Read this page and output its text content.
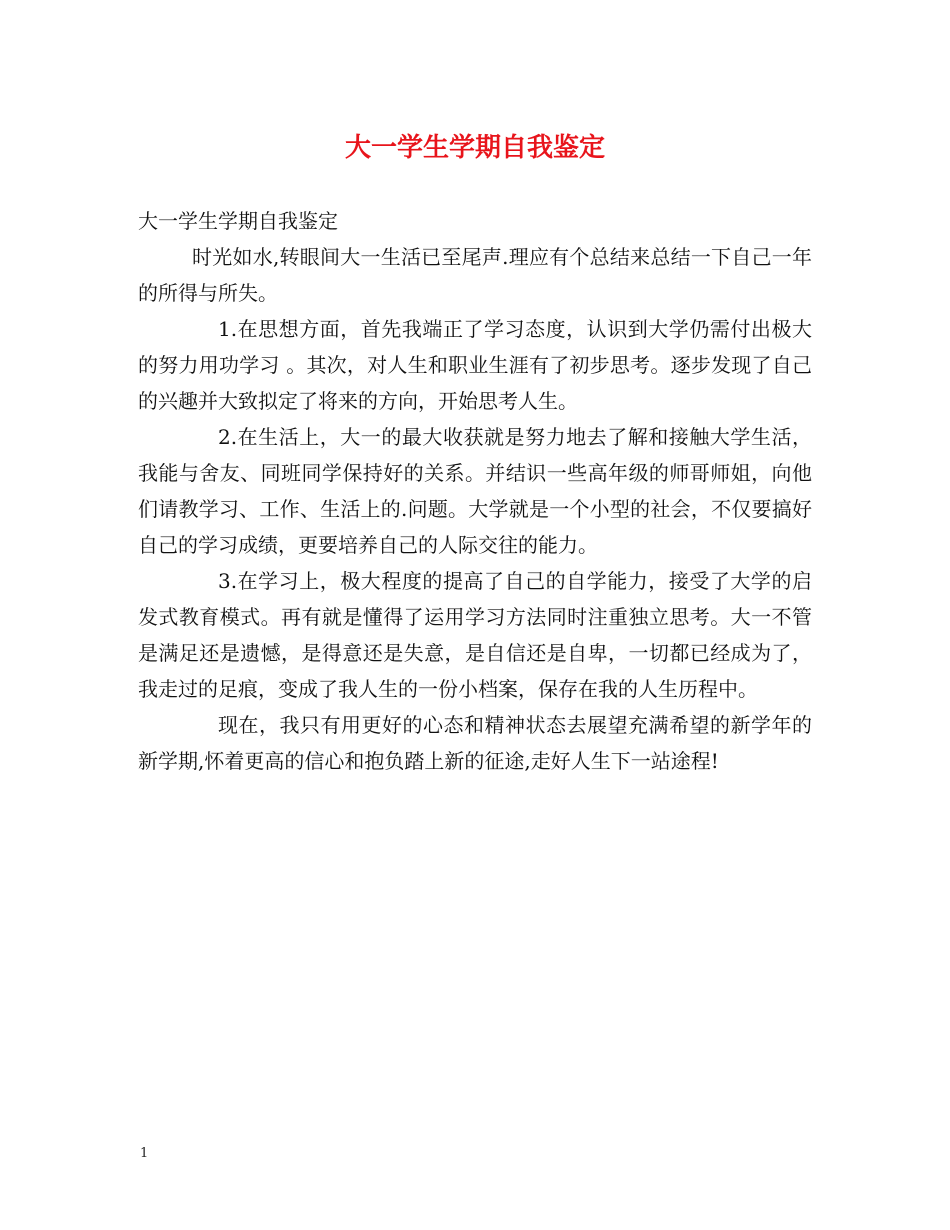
大一学生学期自我鉴定

大一学生学期自我鉴定

时光如水,转眼间大一生活已至尾声.理应有个总结来总结一下自己一年的所得与所失。

1.在思想方面，首先我端正了学习态度，认识到大学仍需付出极大的努力用功学习 。其次，对人生和职业生涯有了初步思考。逐步发现了自己的兴趣并大致拟定了将来的方向，开始思考人生。

2.在生活上，大一的最大收获就是努力地去了解和接触大学生活，我能与舍友、同班同学保持好的关系。并结识一些高年级的师哥师姐，向他们请教学习、工作、生活上的.问题。大学就是一个小型的社会，不仅要搞好自己的学习成绩，更要培养自己的人际交往的能力。

3.在学习上，极大程度的提高了自己的自学能力，接受了大学的启发式教育模式。再有就是懂得了运用学习方法同时注重独立思考。大一不管是满足还是遗憾，是得意还是失意，是自信还是自卑，一切都已经成为了，我走过的足痕，变成了我人生的一份小档案，保存在我的人生历程中。

现在，我只有用更好的心态和精神状态去展望充满希望的新学年的新学期,怀着更高的信心和抱负踏上新的征途,走好人生下一站途程!

1
